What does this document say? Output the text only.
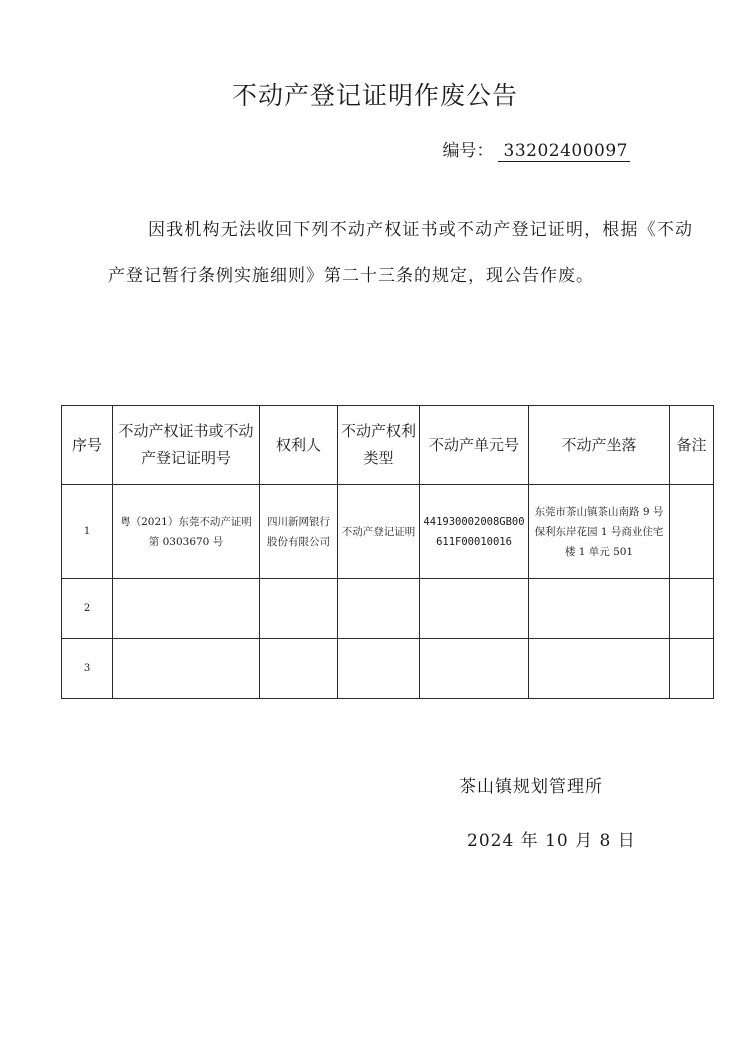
不动产登记证明作废公告
编号： 33202400097
因我机构无法收回下列不动产权证书或不动产登记证明，根据《不动产登记暂行条例实施细则》第二十三条的规定，现公告作废。
序号	不动产权证书或不动产登记证明号	权利人	不动产权利类型	不动产单元号	不动产坐落	备注
1	粤（2021）东莞不动产证明第 0303670 号	四川新网银行股份有限公司	不动产登记证明	441930002008GB00611F00010016	东莞市茶山镇茶山南路 9 号保利东岸花园 1 号商业住宅楼 1 单元 501	
2						
3						
茶山镇规划管理所
2024 年 10 月 8 日
